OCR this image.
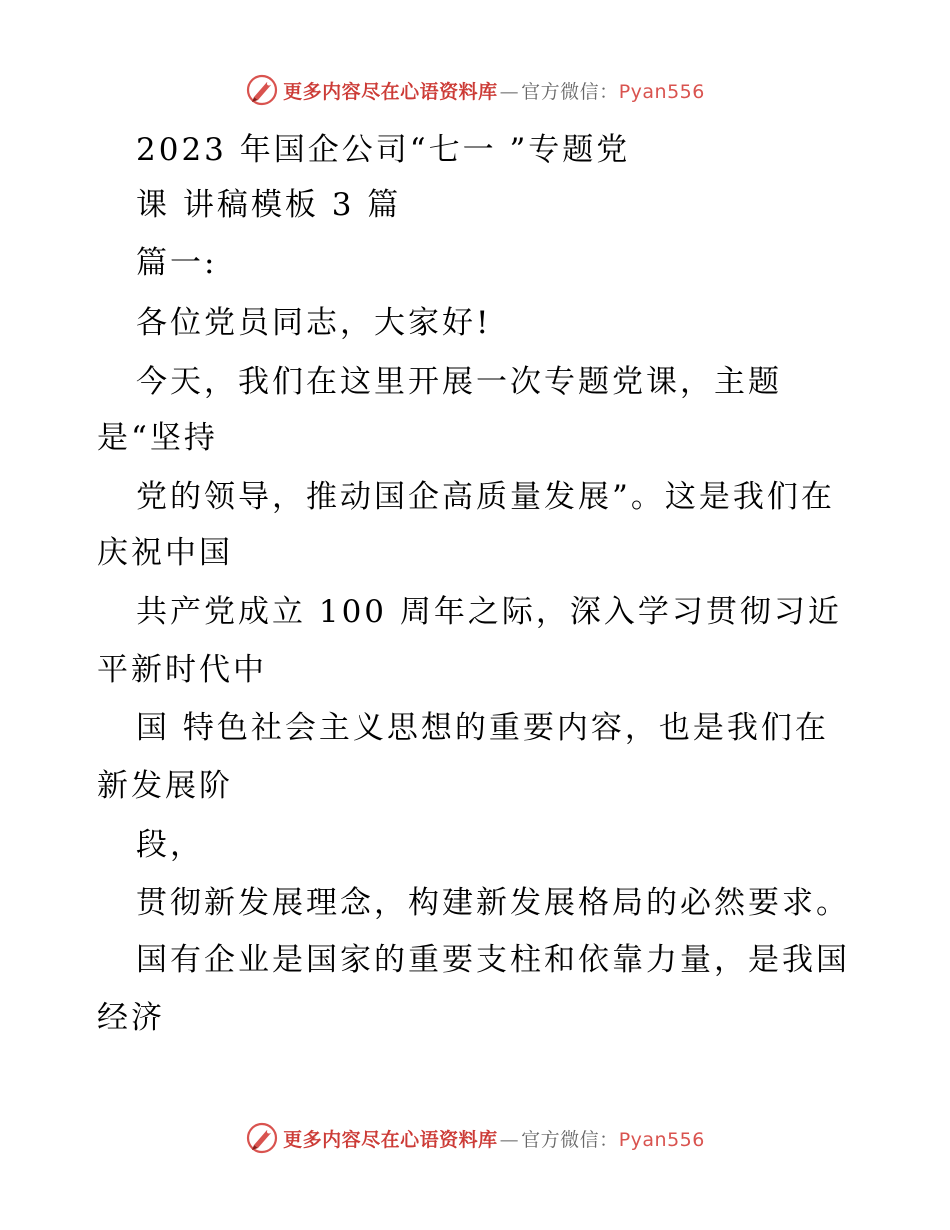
更多内容尽在心语资料库 — 官方微信：Pyan556
2023 年国企公司“七一 ”专题党
课 讲稿模板 3 篇
篇一:
各位党员同志，大家好!
今天，我们在这里开展一次专题党课，主题
是“坚持
党的领导，推动国企高质量发展”。这是我们在
庆祝中国
共产党成立 100 周年之际，深入学习贯彻习近
平新时代中
国 特色社会主义思想的重要内容，也是我们在
新发展阶
段，
贯彻新发展理念，构建新发展格局的必然要求。
国有企业是国家的重要支柱和依靠力量，是我国
经济
更多内容尽在心语资料库 — 官方微信：Pyan556
